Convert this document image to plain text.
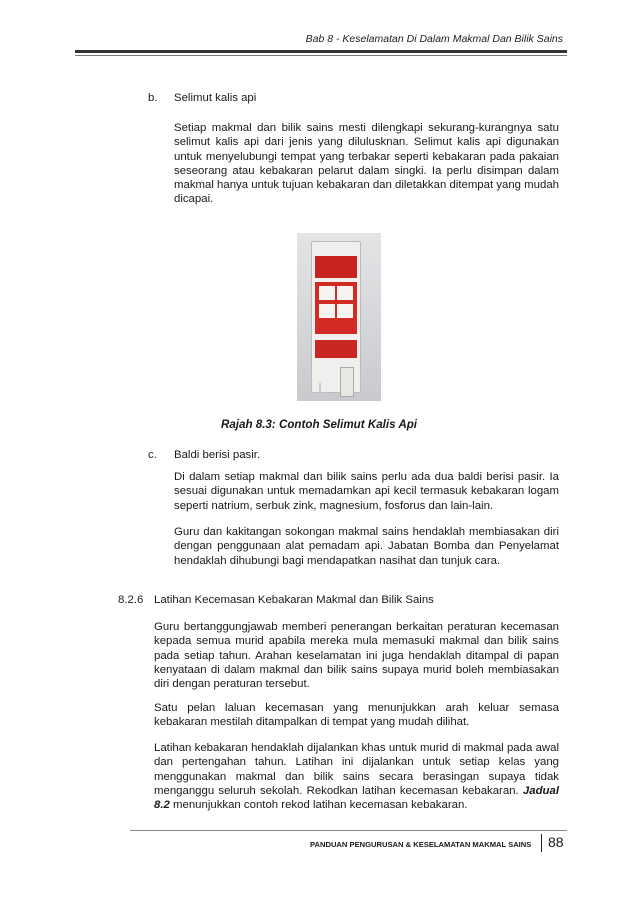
Bab 8 - Keselamatan Di Dalam Makmal Dan Bilik Sains
b. Selimut kalis api
Setiap makmal dan bilik sains mesti dilengkapi sekurang-kurangnya satu selimut kalis api dari jenis yang dilulusknan. Selimut kalis api digunakan untuk menyelubungi tempat yang terbakar seperti kebakaran pada pakaian seseorang atau kebakaran pelarut dalam singki. Ia perlu disimpan dalam makmal hanya untuk tujuan kebakaran dan diletakkan ditempat yang mudah dicapai.
Rajah 8.3: Contoh Selimut Kalis Api
c. Baldi berisi pasir.
Di dalam setiap makmal dan bilik sains perlu ada dua baldi berisi pasir. Ia sesuai digunakan untuk memadamkan api kecil termasuk kebakaran logam seperti natrium, serbuk zink, magnesium, fosforus dan lain-lain.
Guru dan kakitangan sokongan makmal sains hendaklah membiasakan diri dengan penggunaan alat pemadam api. Jabatan Bomba dan Penyelamat hendaklah dihubungi bagi mendapatkan nasihat dan tunjuk cara.
8.2.6 Latihan Kecemasan Kebakaran Makmal dan Bilik Sains
Guru bertanggungjawab memberi penerangan berkaitan peraturan kecemasan kepada semua murid apabila mereka mula memasuki makmal dan bilik sains pada setiap tahun. Arahan keselamatan ini juga hendaklah ditampal di papan kenyataan di dalam makmal dan bilik sains supaya murid boleh membiasakan diri dengan peraturan tersebut.
Satu pelan laluan kecemasan yang menunjukkan arah keluar semasa kebakaran mestilah ditampalkan di tempat yang mudah dilihat.
Latihan kebakaran hendaklah dijalankan khas untuk murid di makmal pada awal dan pertengahan tahun. Latihan ini dijalankan untuk setiap kelas yang menggunakan makmal dan bilik sains secara berasingan supaya tidak menganggu seluruh sekolah. Rekodkan latihan kecemasan kebakaran. Jadual 8.2 menunjukkan contoh rekod latihan kecemasan kebakaran.
PANDUAN PENGURUSAN & KESELAMATAN MAKMAL SAINS 88
